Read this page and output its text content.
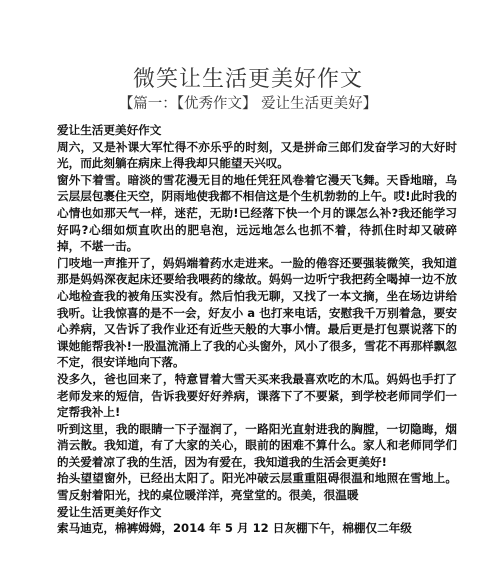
微笑让生活更美好作文
【篇一：【优秀作文】 爱让生活更美好】

爱让生活更美好作文

周六，又是补课大军忙得不亦乐乎的时刻，又是拼命三郎们发奋学习的大好时光，而此刻躺在病床上得我却只能望天兴叹。

窗外下着雪。暗淡的雪花漫无目的地任凭狂风卷着它漫天飞舞。天昏地暗，乌云层层包裹住天空，阴雨地使我都不相信这是个生机勃勃的上午。哎!此时我的心情也如那天气一样，迷茫，无助!已经落下快一个月的课怎么补?我还能学习好吗?心细如烦直吹出的肥皂泡，远远地怎么也抓不着，待抓住时却又破碎掉，不堪一击。

门吱地一声推开了，妈妈端着药水走进来。一脸的倦容还要强装微笑，我知道那是妈妈深夜起床还要给我喂药的缘故。妈妈一边听宁我把药全喝掉一边不放心地检查我的被角压实没有。然后怕我无聊，又找了一本文摘，坐在场边讲给我听。让我惊喜的是不一会，好友小 a 也打来电话，安慰我千万别着急，要安心养病，又告诉了我作业还有近些天般的大事小情。最后更是打包票说落下的课她能帮我补!一股温流涌上了我的心头窗外，风小了很多，雪花不再那样飘忽不定，很安详地向下落。

没多久，爸也回来了，特意冒着大雪天买来我最喜欢吃的木瓜。妈妈也手打了老师发来的短信，告诉我要好好养病，课落下了不要紧，到学校老师同学们一定帮我补上!

听到这里，我的眼睛一下子湿润了，一路阳光直射进我的胸膛，一切隐晦，烟消云散。我知道，有了大家的关心，眼前的困难不算什么。家人和老师同学们的关爱着凉了我的生活，因为有爱在，我知道我的生活会更美好!

抬头望望窗外，已经出太阳了。阳光冲破云层重重阻碍很温和地照在雪地上。雪反射着阳光，找的桌位暖洋洋，亮堂堂的。很美，很温暖

爱让生活更美好作文

索马迪克，棉裤姆姆，2014 年 5 月 12 日灰棚下午，棉棚仅二年级
